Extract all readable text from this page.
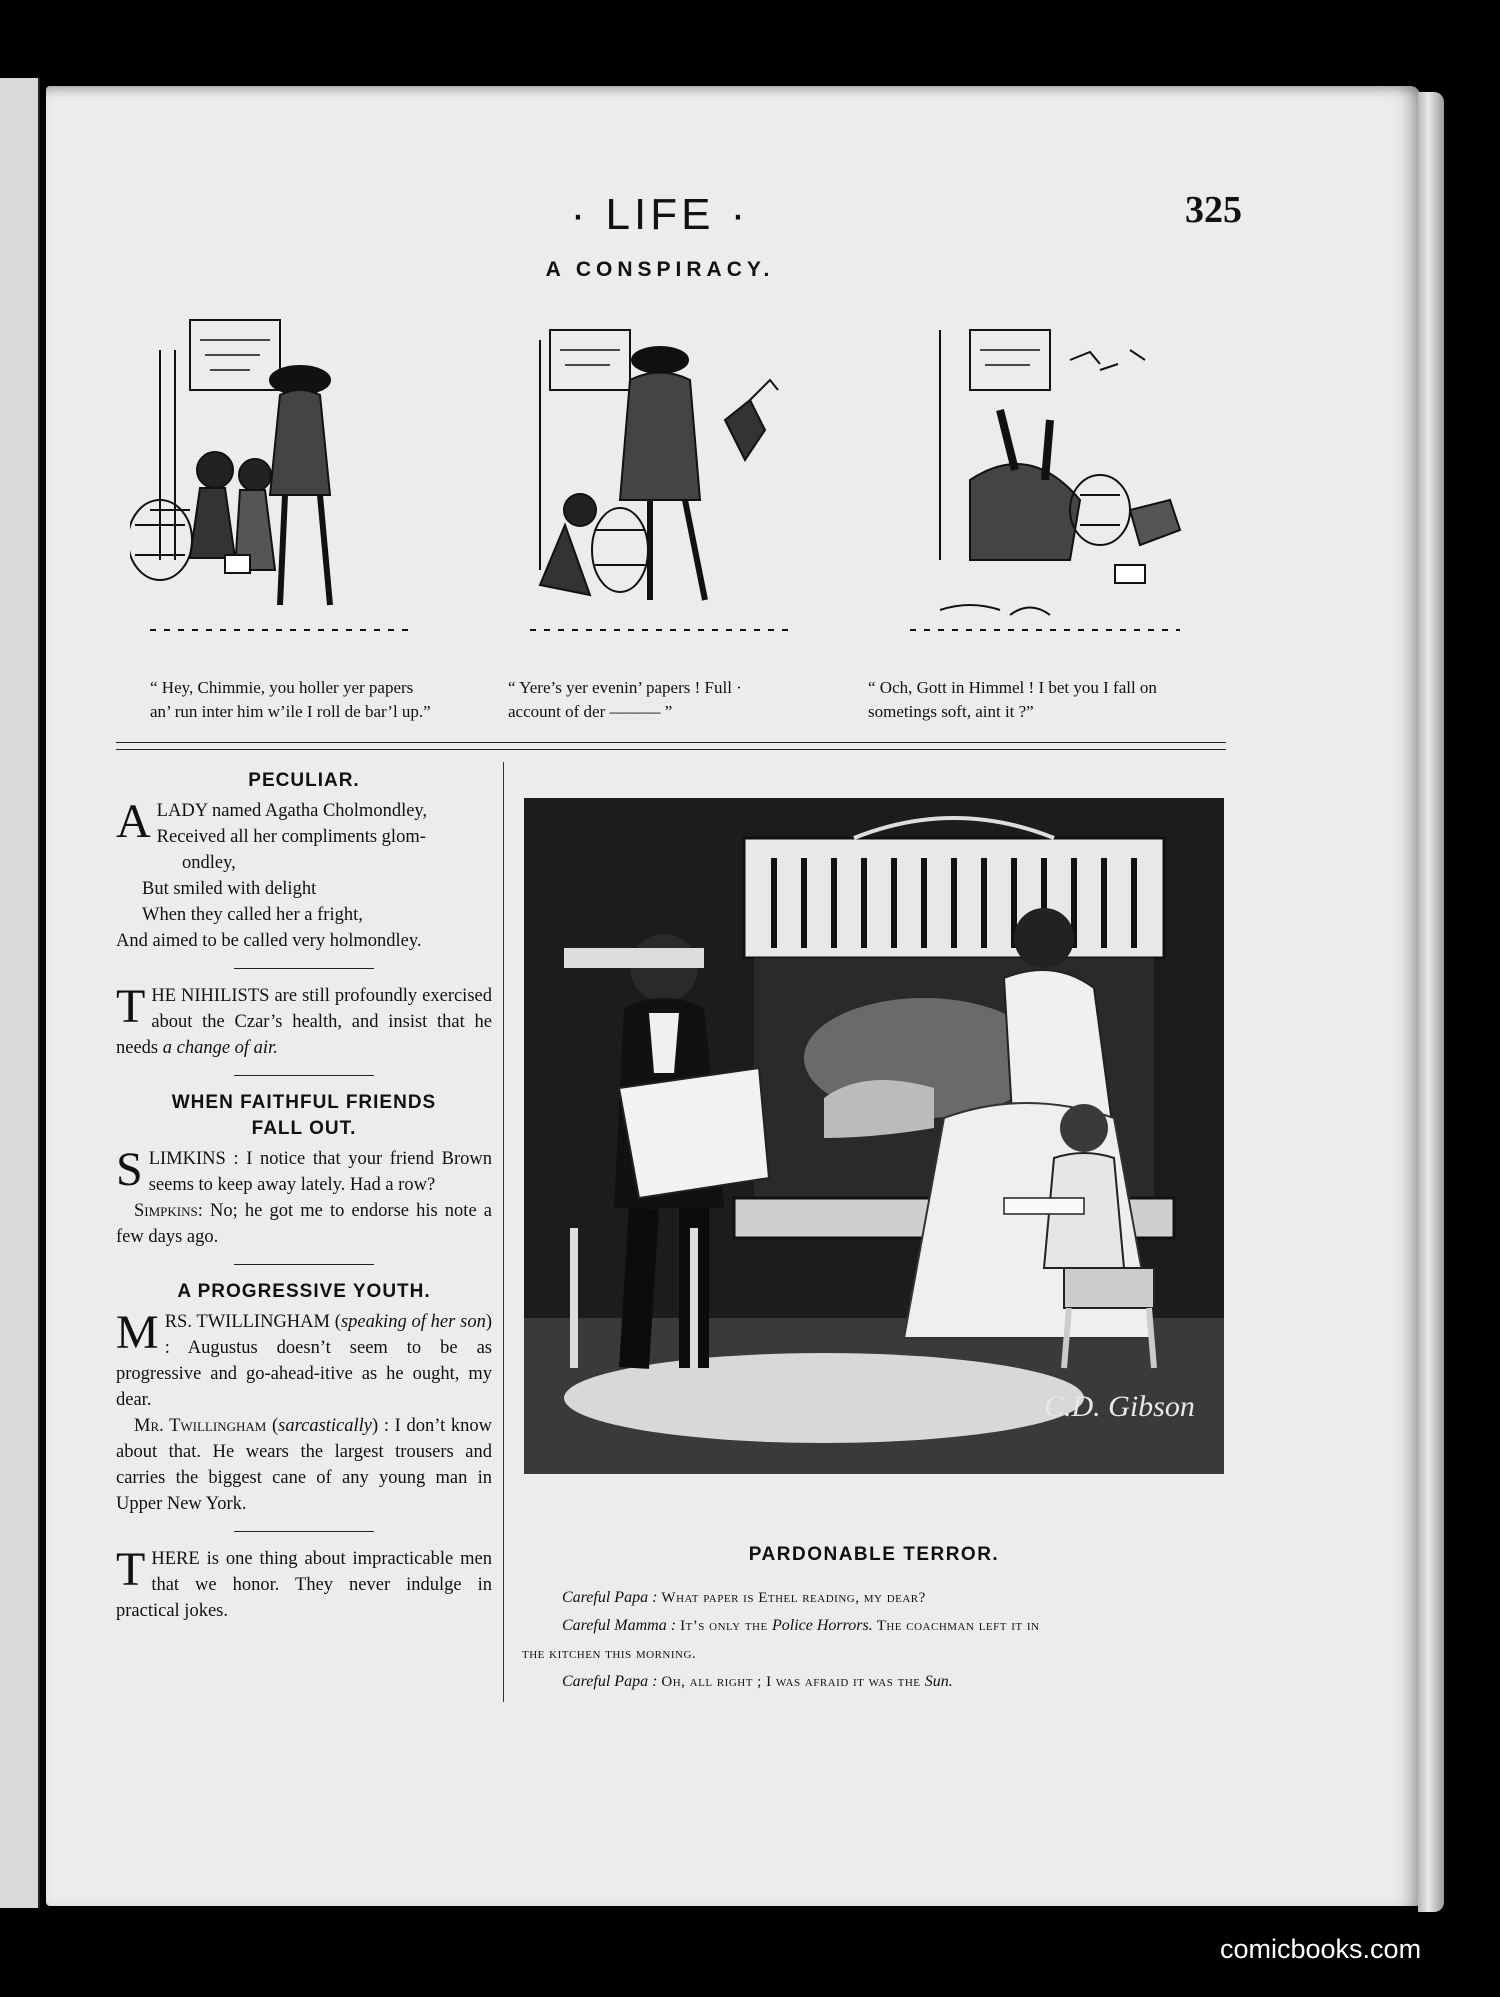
· LIFE ·	325
A CONSPIRACY.
“ Hey, Chimmie, you holler yer papers
an’ run inter him w’ile I roll de bar’l up.”
“ Yere’s yer evenin’ papers ! Full ·
account of der ——— ”
“ Och, Gott in Himmel ! I bet you I fall on
sometings soft, aint it ?”
PECULIAR.
A LADY named Agatha Cholmondley,

Received all her compliments glom-

ondley,

But smiled with delight

When they called her a fright,

And aimed to be called very holmondley.

THE NIHILISTS are still profoundly exercised about the Czar’s health, and insist that he needs a change of air.

WHEN FAITHFUL FRIENDS
FALL OUT.

SLIMKINS : I notice that your friend Brown seems to keep away lately. Had a row?

Simpkins: No; he got me to endorse his note a few days ago.

A PROGRESSIVE YOUTH.

MRS. TWILLINGHAM (speaking of her son) : Augustus doesn’t seem to be as progressive and go-ahead-itive as he ought, my dear.

Mr. Twillingham (sarcastically) : I don’t know about that. He wears the largest trousers and carries the biggest cane of any young man in Upper New York.

THERE is one thing about impracticable men that we honor. They never indulge in practical jokes.

C.D. Gibson
PARDONABLE TERROR.

Careful Papa : What paper is Ethel reading, my dear?

Careful Mamma : It’s only the Police Horrors. The coachman left it in

the kitchen this morning.

Careful Papa : Oh, all right ; I was afraid it was the Sun.

comicbooks.com
